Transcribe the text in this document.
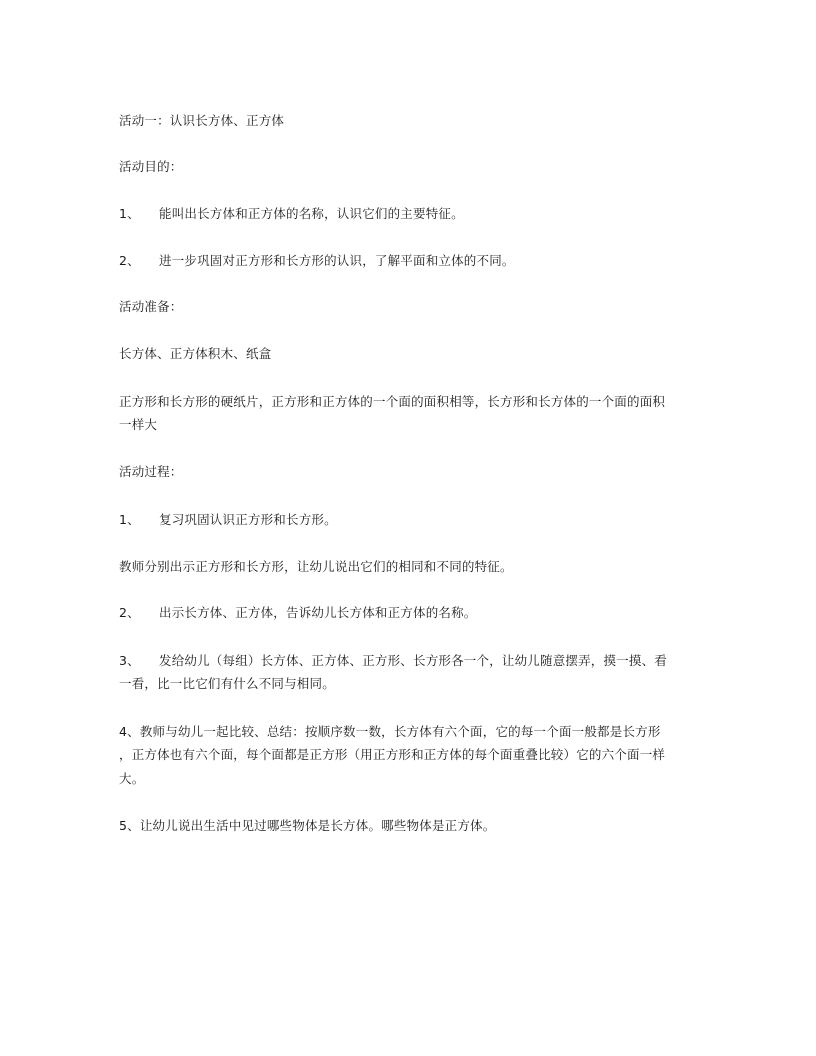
活动一：认识长方体、正方体
活动目的：
1、 能叫出长方体和正方体的名称，认识它们的主要特征。
2、 进一步巩固对正方形和长方形的认识，了解平面和立体的不同。
活动准备：
长方体、正方体积木、纸盒
正方形和长方形的硬纸片，正方形和正方体的一个面的面积相等，长方形和长方体的一个面的面积
一样大
活动过程：
1、 复习巩固认识正方形和长方形。
教师分别出示正方形和长方形，让幼儿说出它们的相同和不同的特征。
2、 出示长方体、正方体，告诉幼儿长方体和正方体的名称。
3、 发给幼儿（每组）长方体、正方体、正方形、长方形各一个，让幼儿随意摆弄，摸一摸、看
一看，比一比它们有什么不同与相同。
4、教师与幼儿一起比较、总结：按顺序数一数，长方体有六个面，它的每一个面一般都是长方形
，正方体也有六个面，每个面都是正方形（用正方形和正方体的每个面重叠比较）它的六个面一样
大。
5、让幼儿说出生活中见过哪些物体是长方体。哪些物体是正方体。
